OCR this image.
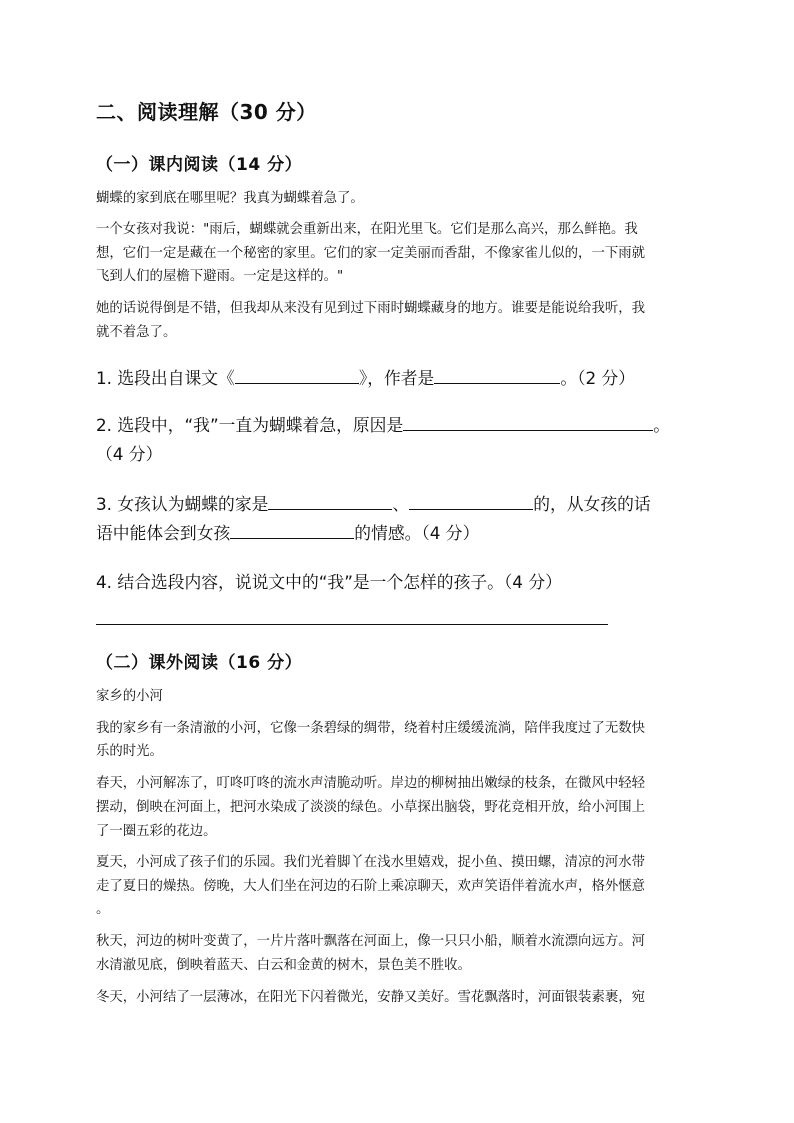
二、阅读理解（30 分）
（一）课内阅读（14 分）
蝴蝶的家到底在哪里呢？我真为蝴蝶着急了。
一个女孩对我说："雨后，蝴蝶就会重新出来，在阳光里飞。它们是那么高兴，那么鲜艳。我
想，它们一定是藏在一个秘密的家里。它们的家一定美丽而香甜，不像家雀儿似的，一下雨就
飞到人们的屋檐下避雨。一定是这样的。"
她的话说得倒是不错，但我却从来没有见到过下雨时蝴蝶藏身的地方。谁要是能说给我听，我
就不着急了。
1. 选段出自课文《	》，作者是	。（2 分）
2. 选段中，“我”一直为蝴蝶着急，原因是	。
（4 分）
3. 女孩认为蝴蝶的家是	、	的，从女孩的话
语中能体会到女孩	的情感。（4 分）
4. 结合选段内容，说说文中的“我”是一个怎样的孩子。（4 分）
（二）课外阅读（16 分）
家乡的小河
我的家乡有一条清澈的小河，它像一条碧绿的绸带，绕着村庄缓缓流淌，陪伴我度过了无数快
乐的时光。
春天，小河解冻了，叮咚叮咚的流水声清脆动听。岸边的柳树抽出嫩绿的枝条，在微风中轻轻
摆动，倒映在河面上，把河水染成了淡淡的绿色。小草探出脑袋，野花竞相开放，给小河围上
了一圈五彩的花边。
夏天，小河成了孩子们的乐园。我们光着脚丫在浅水里嬉戏，捉小鱼、摸田螺，清凉的河水带
走了夏日的燥热。傍晚，大人们坐在河边的石阶上乘凉聊天，欢声笑语伴着流水声，格外惬意
。
秋天，河边的树叶变黄了，一片片落叶飘落在河面上，像一只只小船，顺着水流漂向远方。河
水清澈见底，倒映着蓝天、白云和金黄的树木，景色美不胜收。
冬天，小河结了一层薄冰，在阳光下闪着微光，安静又美好。雪花飘落时，河面银装素裹，宛
